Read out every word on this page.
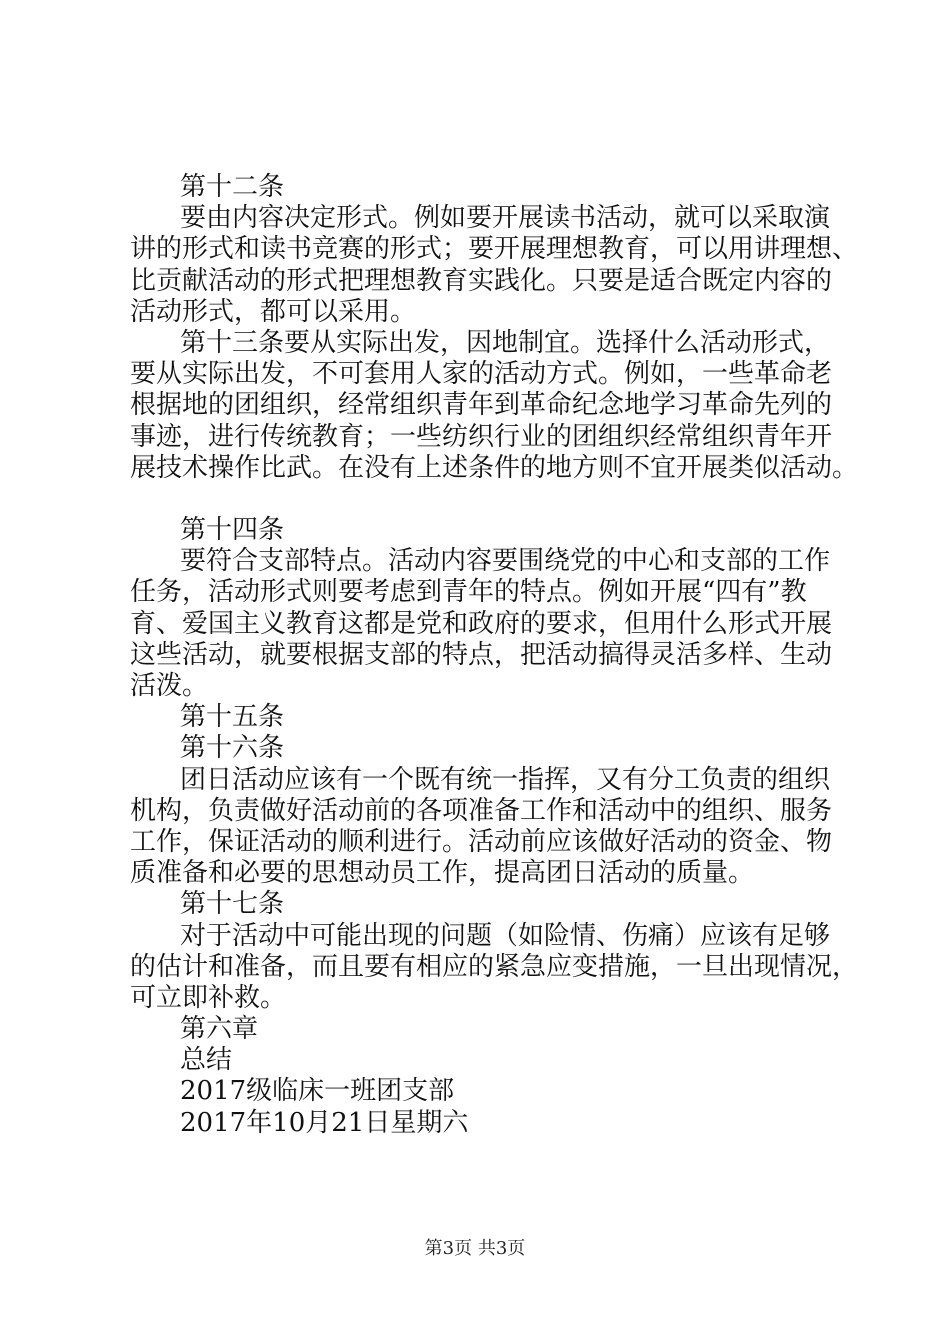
第十二条
要由内容决定形式。例如要开展读书活动，就可以采取演
讲的形式和读书竞赛的形式；要开展理想教育，可以用讲理想、
比贡献活动的形式把理想教育实践化。只要是适合既定内容的
活动形式，都可以采用。
第十三条要从实际出发，因地制宜。选择什么活动形式，
要从实际出发，不可套用人家的活动方式。例如，一些革命老
根据地的团组织，经常组织青年到革命纪念地学习革命先列的
事迹，进行传统教育；一些纺织行业的团组织经常组织青年开
展技术操作比武。在没有上述条件的地方则不宜开展类似活动。
第十四条
要符合支部特点。活动内容要围绕党的中心和支部的工作
任务，活动形式则要考虑到青年的特点。例如开展“四有”教
育、爱国主义教育这都是党和政府的要求，但用什么形式开展
这些活动，就要根据支部的特点，把活动搞得灵活多样、生动
活泼。
第十五条
第十六条
团日活动应该有一个既有统一指挥，又有分工负责的组织
机构，负责做好活动前的各项准备工作和活动中的组织、服务
工作，保证活动的顺利进行。活动前应该做好活动的资金、物
质准备和必要的思想动员工作，提高团日活动的质量。
第十七条
对于活动中可能出现的问题（如险情、伤痛）应该有足够
的估计和准备，而且要有相应的紧急应变措施，一旦出现情况，
可立即补救。
第六章
总结
2017级临床一班团支部
2017年10月21日星期六
第3页 共3页
